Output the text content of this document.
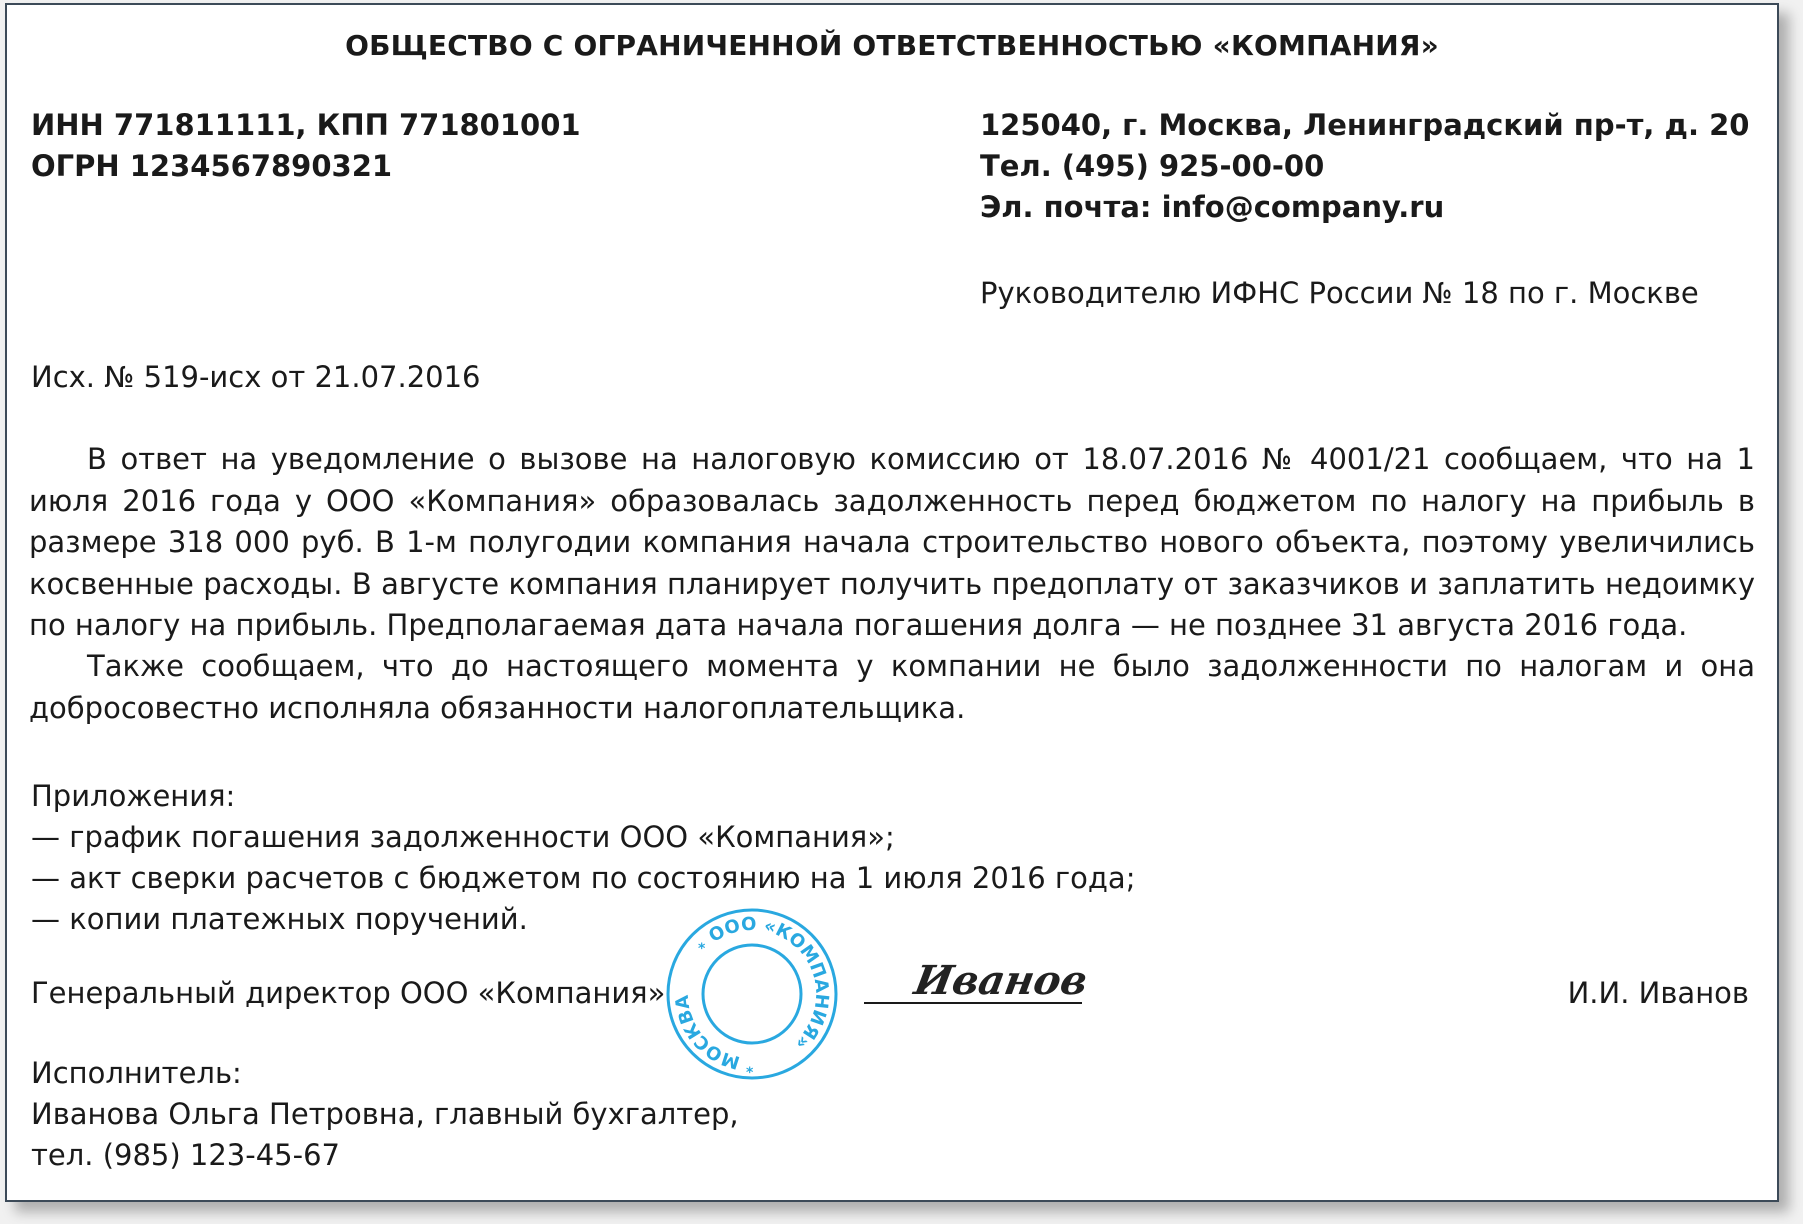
ОБЩЕСТВО С ОГРАНИЧЕННОЙ ОТВЕТСТВЕННОСТЬЮ «КОМПАНИЯ»
ИНН 771811111, КПП 771801001
ОГРН 1234567890321
125040, г. Москва, Ленинградский пр-т, д. 20
Тел. (495) 925-00-00
Эл. почта: info@company.ru
Руководителю ИФНС России № 18 по г. Москве
Исх. № 519-исх от 21.07.2016

В ответ на уведомление о вызове на налоговую комиссию от 18.07.2016 № 4001/21 сообщаем, что на 1 июля 2016 года у ООО «Компания» образовалась задолженность перед бюджетом по налогу на прибыль в размере 318 000 руб. В 1-м полугодии компания начала строительство нового объекта, поэтому увеличились косвенные расходы. В августе компания планирует получить предоплату от заказчиков и заплатить недоимку по налогу на прибыль. Предполагаемая дата начала погашения долга — не позднее 31 августа 2016 года.

Также сообщаем, что до настоящего момента у компании не было задолженности по налогам и она добросовестно исполняла обязанности налогоплательщика.

Приложения:
— график погашения задолженности ООО «Компания»;
— акт сверки расчетов с бюджетом по состоянию на 1 июля 2016 года;
— копии платежных поручений.
Генеральный директор ООО «Компания»
ООО «КОМПАНИЯ»
МОСКВА
*
*
Иванов	И.И. Иванов
Исполнитель:
Иванова Ольга Петровна, главный бухгалтер,
тел. (985) 123-45-67
